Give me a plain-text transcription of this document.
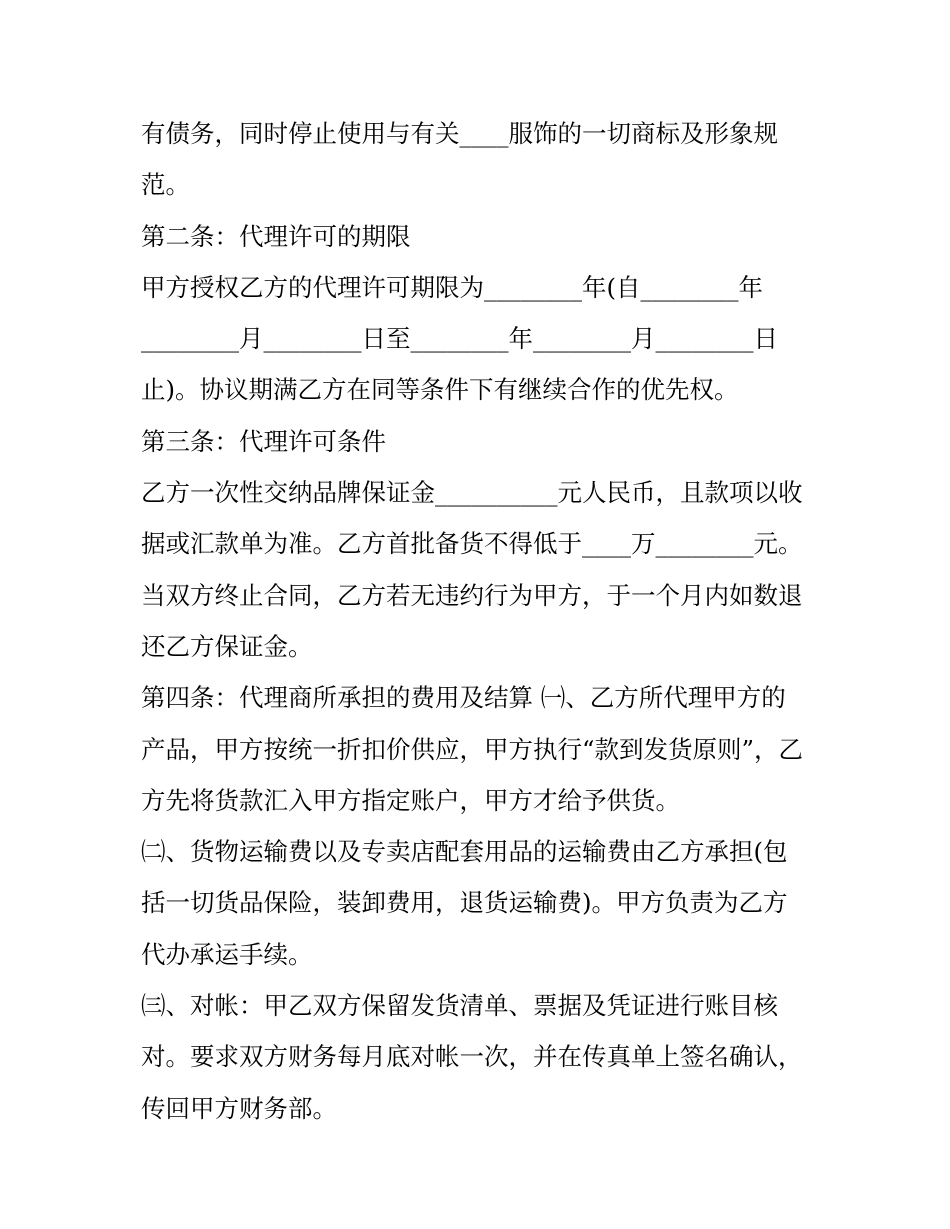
有债务，同时停止使用与有关____服饰的一切商标及形象规
范。
第二条：代理许可的期限
甲方授权乙方的代理许可期限为________年(自________年
________月________日至________年________月________日
止)。协议期满乙方在同等条件下有继续合作的优先权。
第三条：代理许可条件
乙方一次性交纳品牌保证金__________元人民币，且款项以收
据或汇款单为准。乙方首批备货不得低于____万________元。
当双方终止合同，乙方若无违约行为甲方，于一个月内如数退
还乙方保证金。
第四条：代理商所承担的费用及结算 ㈠、乙方所代理甲方的
产品，甲方按统一折扣价供应，甲方执行“款到发货原则”，乙
方先将货款汇入甲方指定账户，甲方才给予供货。
㈡、货物运输费以及专卖店配套用品的运输费由乙方承担(包
括一切货品保险，装卸费用，退货运输费)。甲方负责为乙方
代办承运手续。
㈢、对帐：甲乙双方保留发货清单、票据及凭证进行账目核
对。要求双方财务每月底对帐一次，并在传真单上签名确认，
传回甲方财务部。
